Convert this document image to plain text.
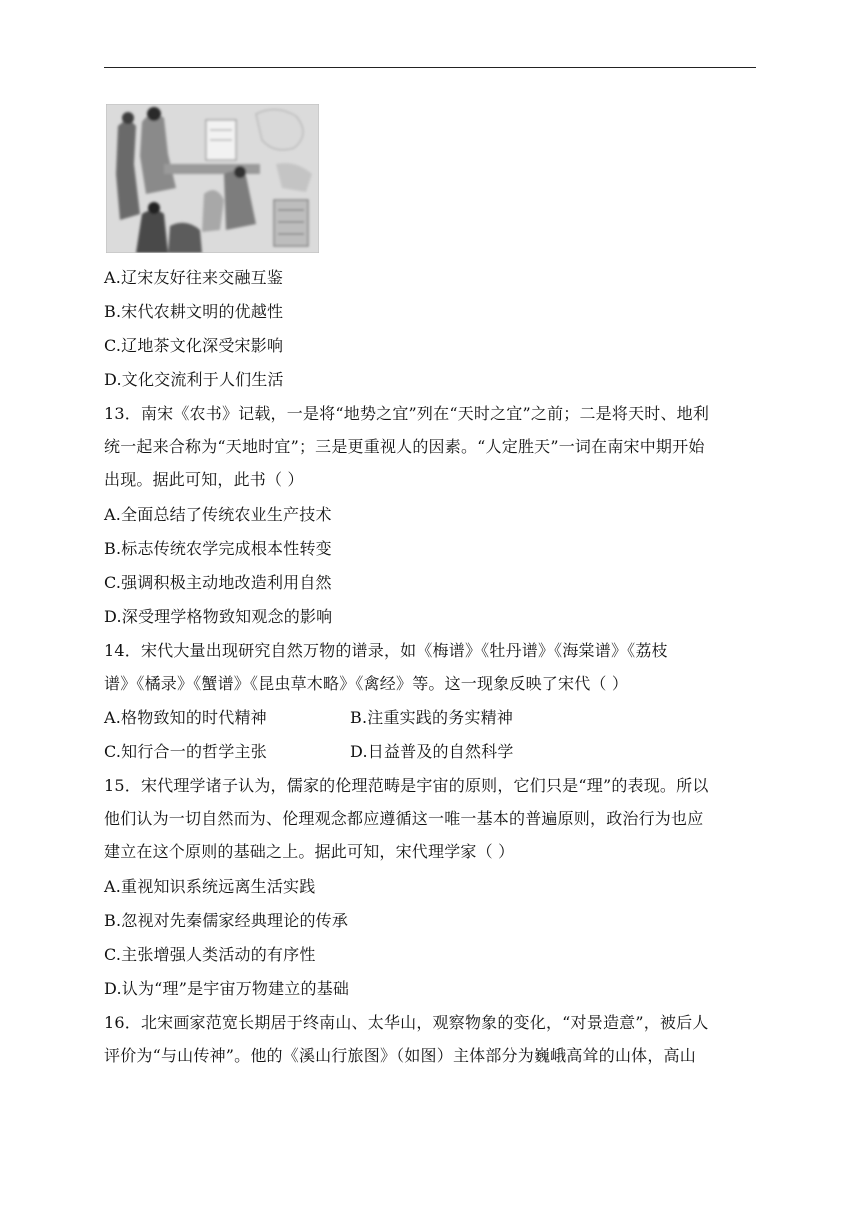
A.辽宋友好往来交融互鉴
B.宋代农耕文明的优越性
C.辽地茶文化深受宋影响
D.文化交流利于人们生活
13．南宋《农书》记载，一是将“地势之宜”列在“天时之宜”之前；二是将天时、地利
统一起来合称为“天地时宜”；三是更重视人的因素。“人定胜天”一词在南宋中期开始
出现。据此可知，此书（ ）
A.全面总结了传统农业生产技术
B.标志传统农学完成根本性转变
C.强调积极主动地改造利用自然
D.深受理学格物致知观念的影响
14．宋代大量出现研究自然万物的谱录，如《梅谱》《牡丹谱》《海棠谱》《荔枝
谱》《橘录》《蟹谱》《昆虫草木略》《禽经》等。这一现象反映了宋代（ ）
A.格物致知的时代精神	B.注重实践的务实精神
C.知行合一的哲学主张	D.日益普及的自然科学
15．宋代理学诸子认为，儒家的伦理范畴是宇宙的原则，它们只是“理”的表现。所以
他们认为一切自然而为、伦理观念都应遵循这一唯一基本的普遍原则，政治行为也应
建立在这个原则的基础之上。据此可知，宋代理学家（ ）
A.重视知识系统远离生活实践
B.忽视对先秦儒家经典理论的传承
C.主张增强人类活动的有序性
D.认为“理”是宇宙万物建立的基础
16．北宋画家范宽长期居于终南山、太华山，观察物象的变化，“对景造意”，被后人
评价为“与山传神”。他的《溪山行旅图》（如图）主体部分为巍峨高耸的山体，高山
